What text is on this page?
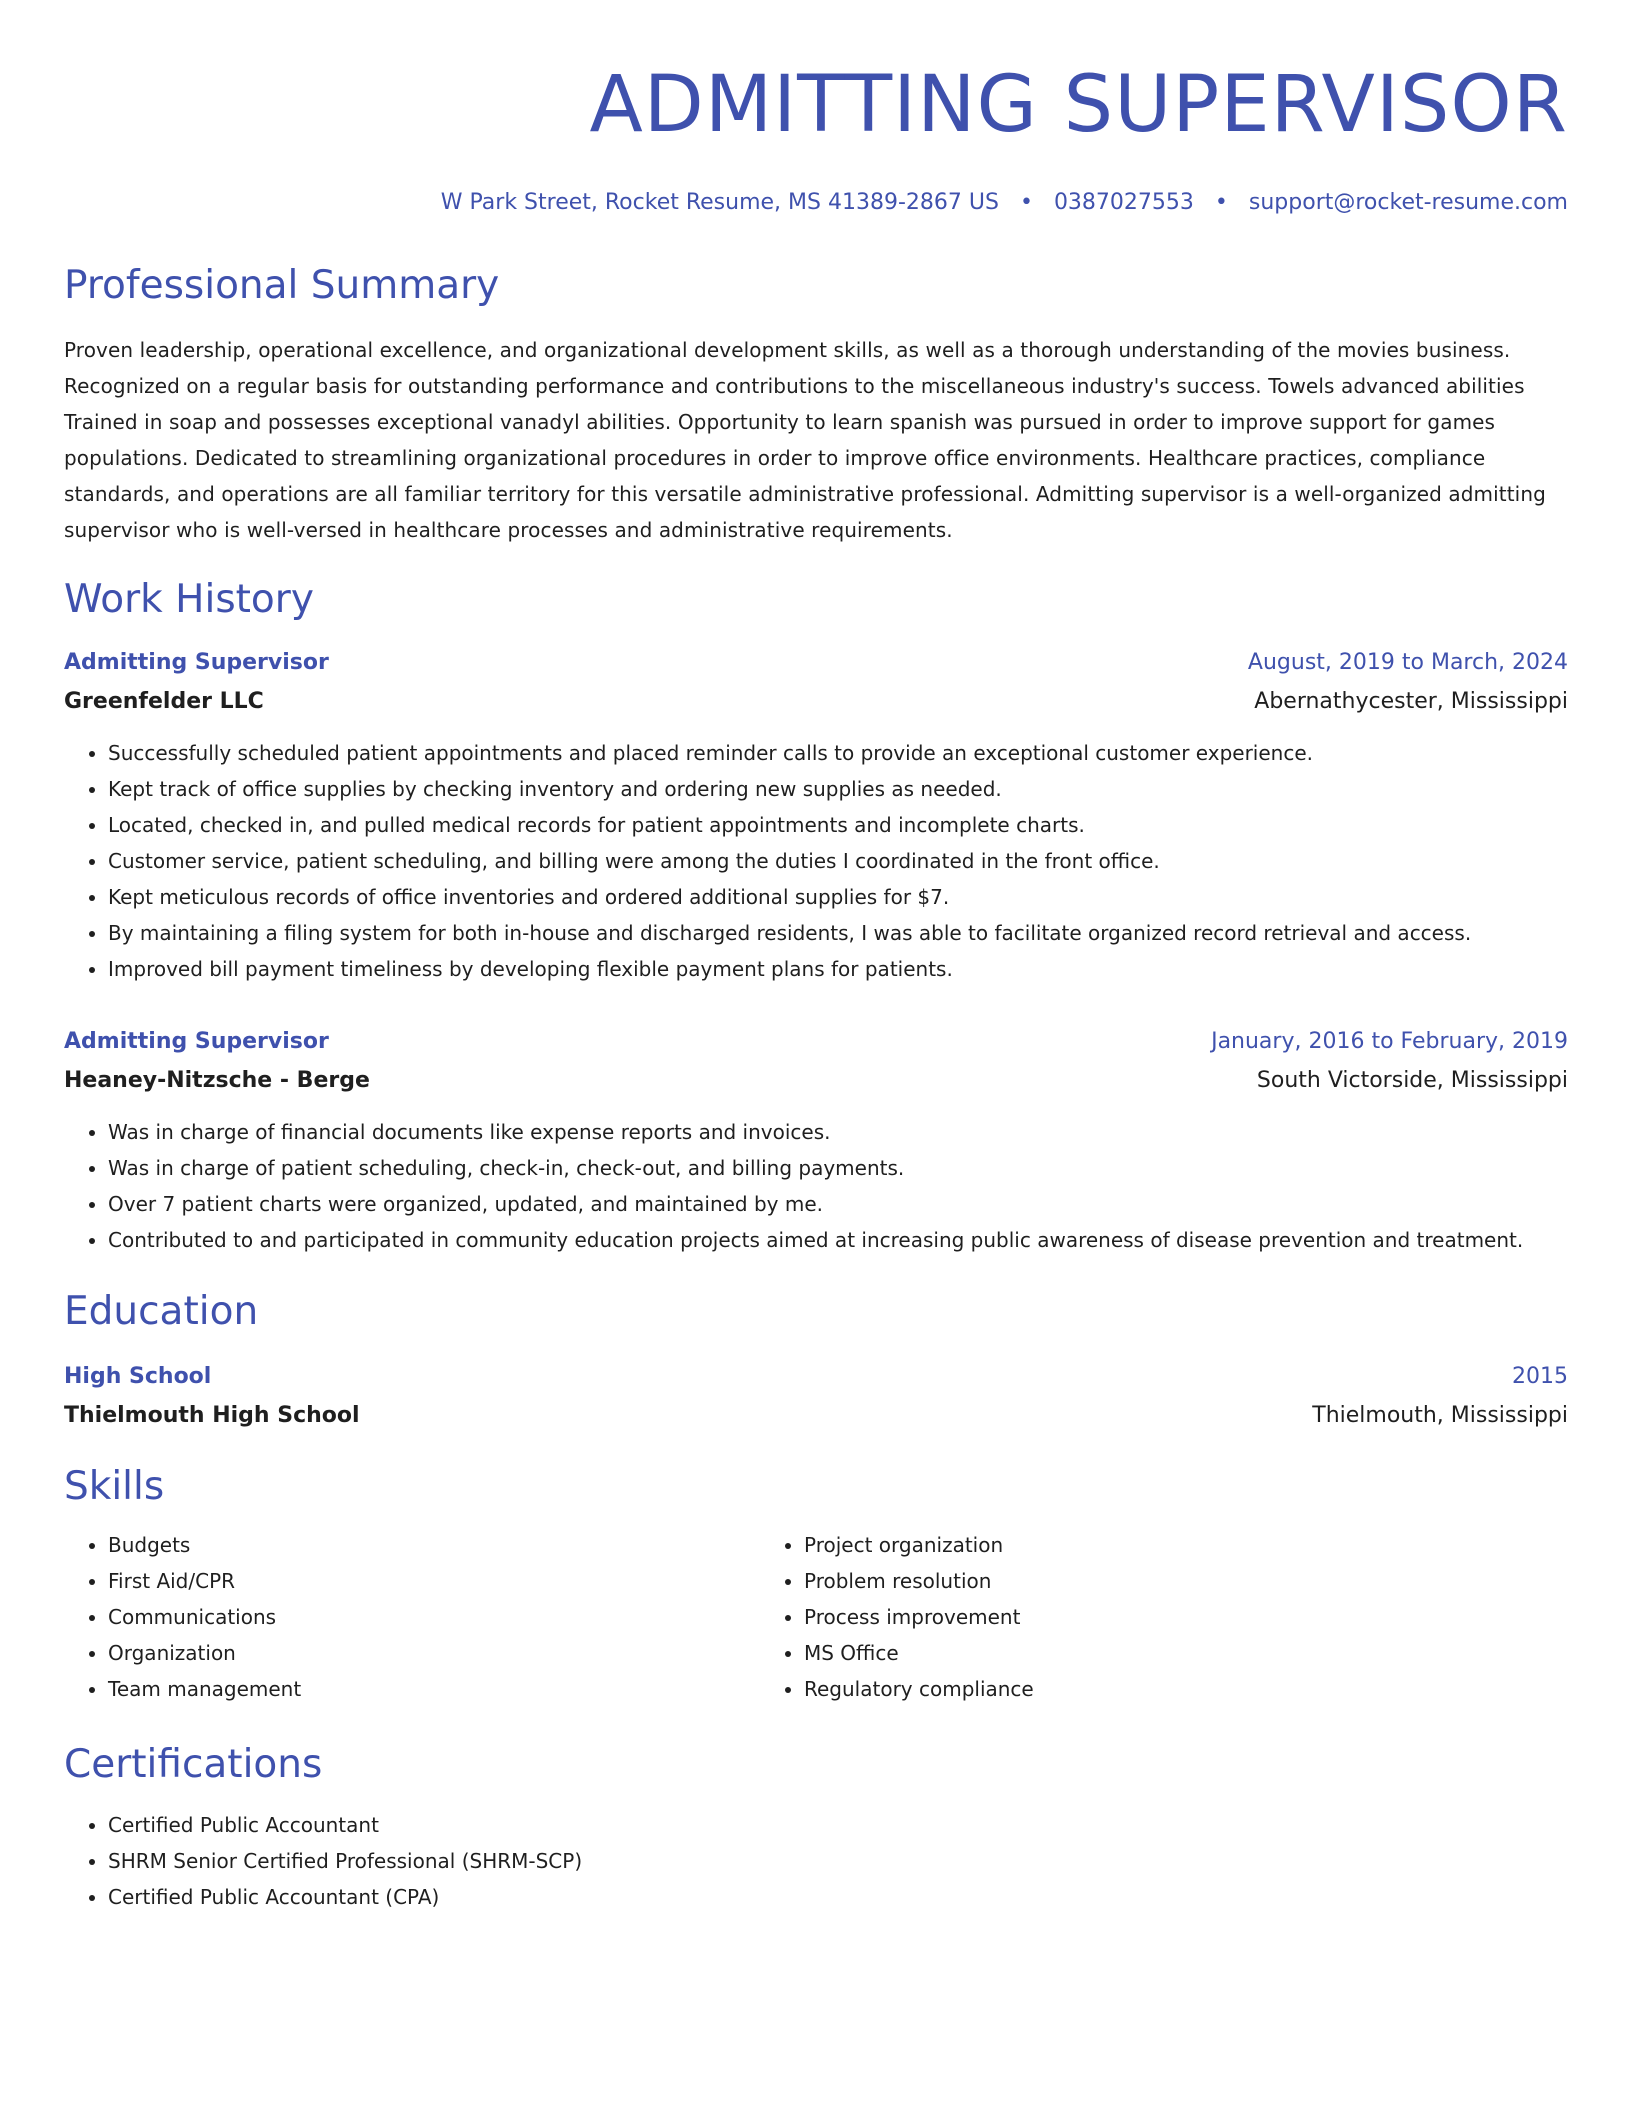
ADMITTING SUPERVISOR
W Park Street, Rocket Resume, MS 41389-2867 US • 0387027553 • support@rocket-resume.com
Professional Summary

Proven leadership, operational excellence, and organizational development skills, as well as a thorough understanding of the movies business. Recognized on a regular basis for outstanding performance and contributions to the miscellaneous industry's success. Towels advanced abilities Trained in soap and possesses exceptional vanadyl abilities. Opportunity to learn spanish was pursued in order to improve support for games populations. Dedicated to streamlining organizational procedures in order to improve office environments. Healthcare practices, compliance standards, and operations are all familiar territory for this versatile administrative professional. Admitting supervisor is a well-organized admitting supervisor who is well-versed in healthcare processes and administrative requirements.

Work History
Admitting Supervisor	August, 2019 to March, 2024
Greenfelder LLC	Abernathycester, Mississippi
• Successfully scheduled patient appointments and placed reminder calls to provide an exceptional customer experience.
• Kept track of office supplies by checking inventory and ordering new supplies as needed.
• Located, checked in, and pulled medical records for patient appointments and incomplete charts.
• Customer service, patient scheduling, and billing were among the duties I coordinated in the front office.
• Kept meticulous records of office inventories and ordered additional supplies for $7.
• By maintaining a filing system for both in-house and discharged residents, I was able to facilitate organized record retrieval and access.
• Improved bill payment timeliness by developing flexible payment plans for patients.
Admitting Supervisor	January, 2016 to February, 2019
Heaney-Nitzsche - Berge	South Victorside, Mississippi
• Was in charge of financial documents like expense reports and invoices.
• Was in charge of patient scheduling, check-in, check-out, and billing payments.
• Over 7 patient charts were organized, updated, and maintained by me.
• Contributed to and participated in community education projects aimed at increasing public awareness of disease prevention and treatment.
Education
High School	2015
Thielmouth High School	Thielmouth, Mississippi
Skills
• Budgets
• First Aid/CPR
• Communications
• Organization
• Team management
• Project organization
• Problem resolution
• Process improvement
• MS Office
• Regulatory compliance
Certifications
• Certified Public Accountant
• SHRM Senior Certified Professional (SHRM-SCP)
• Certified Public Accountant (CPA)
